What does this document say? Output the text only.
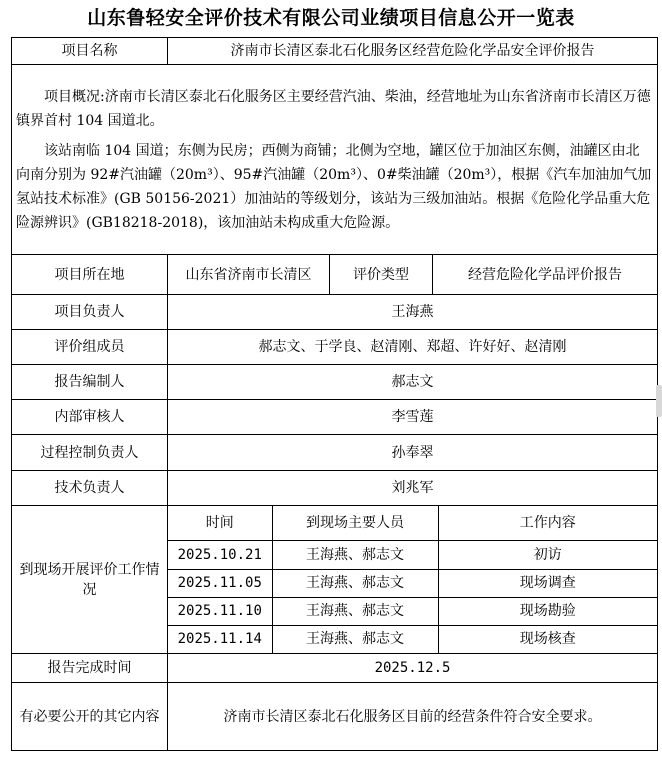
山东鲁轻安全评价技术有限公司业绩项目信息公开一览表
项目名称	济南市长清区泰北石化服务区经营危险化学品安全评价报告

项目概况:济南市长清区泰北石化服务区主要经营汽油、柴油，经营地址为山东省济南市长清区万德镇界首村 104 国道北。

该站南临 104 国道；东侧为民房；西侧为商铺；北侧为空地，罐区位于加油区东侧，油罐区由北向南分别为 92#汽油罐（20m³）、95#汽油罐（20m³）、0#柴油罐（20m³），根据《汽车加油加气加氢站技术标准》(GB 50156-2021）加油站的等级划分，该站为三级加油站。根据《危险化学品重大危险源辨识》(GB18218-2018)，该加油站未构成重大危险源。

项目所在地	山东省济南市长清区	评价类型	经营危险化学品评价报告
项目负责人	王海燕
评价组成员	郝志文、于学良、赵清刚、郑超、许好好、赵清刚
报告编制人	郝志文
内部审核人	李雪莲
过程控制负责人	孙奉翠
技术负责人	刘兆军
到现场开展评价工作情况	
时间	到现场主要人员	工作内容
2025.10.21	王海燕、郝志文	初访
2025.11.05	王海燕、郝志文	现场调查
2025.11.10	王海燕、郝志文	现场勘验
2025.11.14	王海燕、郝志文	现场核查

报告完成时间	2025.12.5
有必要公开的其它内容	济南市长清区泰北石化服务区目前的经营条件符合安全要求。
